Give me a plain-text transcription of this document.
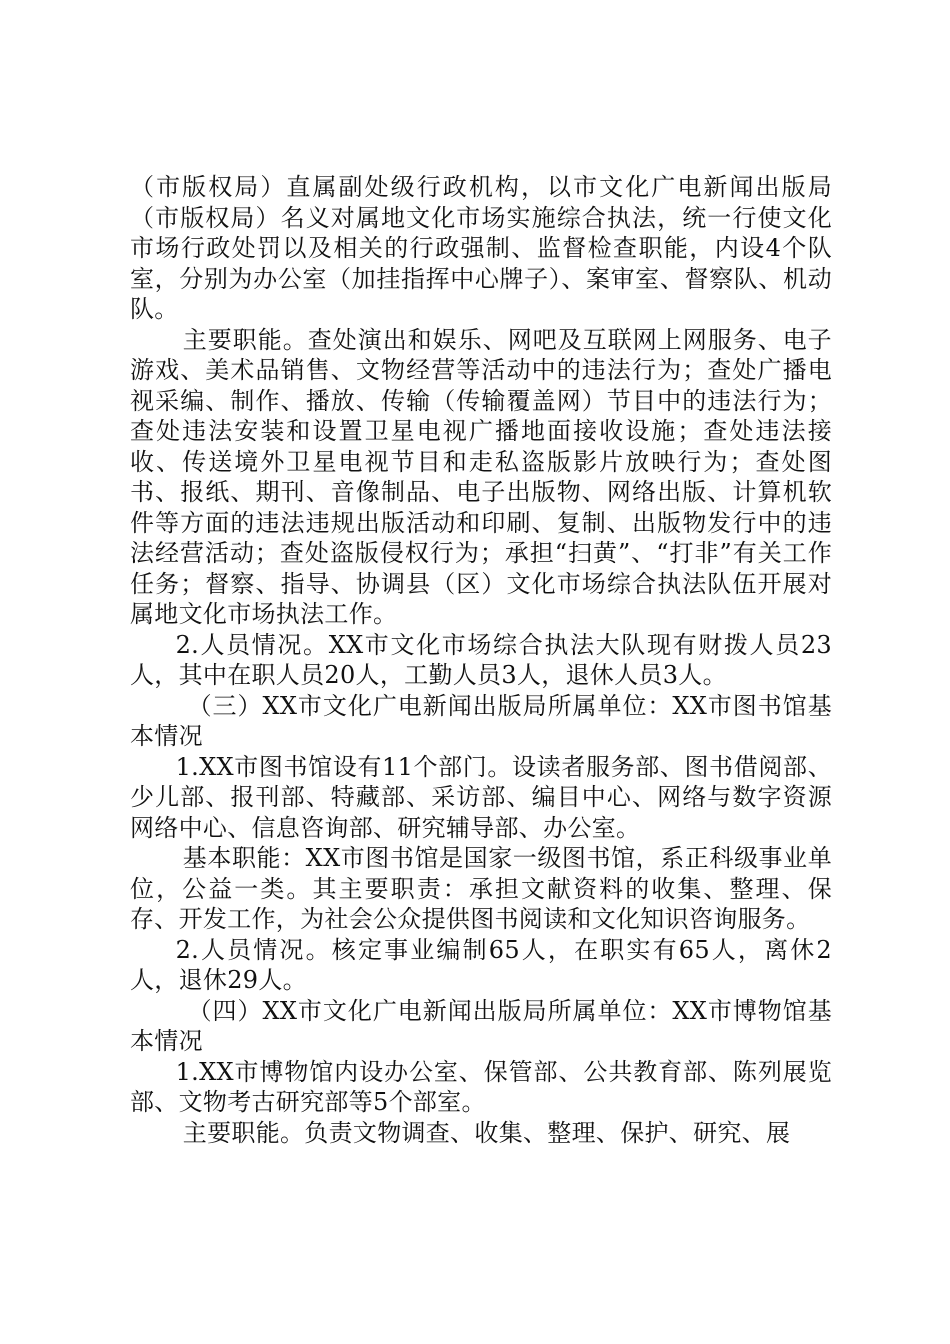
（市版权局）直属副处级行政机构，以市文化广电新闻出版局（市版权局）名义对属地文化市场实施综合执法，统一行使文化市场行政处罚以及相关的行政强制、监督检查职能，内设4个队室，分别为办公室（加挂指挥中心牌子）、案审室、督察队、机动队。

主要职能。查处演出和娱乐、网吧及互联网上网服务、电子游戏、美术品销售、文物经营等活动中的违法行为；查处广播电视采编、制作、播放、传输（传输覆盖网）节目中的违法行为；查处违法安装和设置卫星电视广播地面接收设施；查处违法接收、传送境外卫星电视节目和走私盗版影片放映行为；查处图书、报纸、期刊、音像制品、电子出版物、网络出版、计算机软件等方面的违法违规出版活动和印刷、复制、出版物发行中的违法经营活动；查处盗版侵权行为；承担“扫黄”、“打非”有关工作任务；督察、指导、协调县（区）文化市场综合执法队伍开展对属地文化市场执法工作。

2.人员情况。XX市文化市场综合执法大队现有财拨人员23人，其中在职人员20人，工勤人员3人，退休人员3人。

（三）XX市文化广电新闻出版局所属单位：XX市图书馆基本情况

1.XX市图书馆设有11个部门。设读者服务部、图书借阅部、少儿部、报刊部、特藏部、采访部、编目中心、网络与数字资源网络中心、信息咨询部、研究辅导部、办公室。

基本职能：XX市图书馆是国家一级图书馆，系正科级事业单位，公益一类。其主要职责：承担文献资料的收集、整理、保存、开发工作，为社会公众提供图书阅读和文化知识咨询服务。

2.人员情况。核定事业编制65人，在职实有65人，离休2人，退休29人。

（四）XX市文化广电新闻出版局所属单位：XX市博物馆基本情况

1.XX市博物馆内设办公室、保管部、公共教育部、陈列展览部、文物考古研究部等5个部室。

主要职能。负责文物调查、收集、整理、保护、研究、展
